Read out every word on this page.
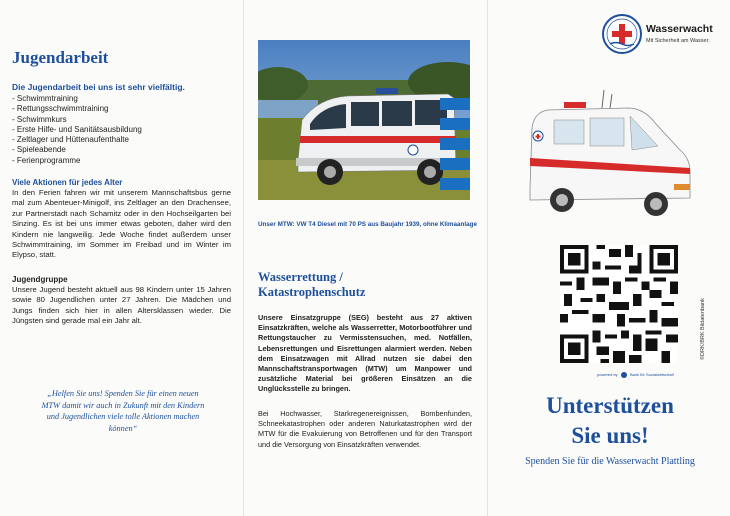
Jugendarbeit
Die Jugendarbeit bei uns ist sehr vielfältig.
- Schwimmtraining
- Rettungsschwimmtraining
- Schwimmkurs
- Erste Hilfe- und Sanitätsausbildung
- Zeltlager und Hüttenaufenthalte
- Spieleabende
- Ferienprogramme
Viele Aktionen für jedes Alter
In den Ferien fahren wir mit unserem Mannschaftsbus gerne mal zum Abenteuer-Minigolf, ins Zeltlager an den Drachensee, zur Partnerstadt nach Schamitz oder in den Hochseilgarten bei Sinzing. Es ist bei uns immer etwas geboten, daher wird den Kindern nie langweilig. Jede Woche findet außerdem unser Schwimmtraining, im Sommer im Freibad und im Winter im Elypso, statt.
Jugendgruppe
Unsere Jugend besteht aktuell aus 98 Kindern unter 15 Jahren sowie 80 Jugendlichen unter 27 Jahren. Die Mädchen und Jungs finden sich hier in allen Altersklassen wieder. Die Jüngsten sind gerade mal ein Jahr alt.
„Helfen Sie uns! Spenden Sie für einen neuen MTW damit wir auch in Zukunft mit den Kindern und Jugendlichen viele tolle Aktionen machen können“
Unser MTW: VW T4 Diesel mit 70 PS aus Baujahr 1939, ohne Klimaanlage
Wasserrettung /
Katastrophenschutz
Unsere Einsatzgruppe (SEG) besteht aus 27 aktiven Einsatzkräften, welche als Wasserretter, Motorbootführer und Rettungstaucher zu Vermisstensuchen, med. Notfällen, Lebensrettungen und Eisrettungen alarmiert werden. Neben dem Einsatzwagen mit Allrad nutzen sie dabei den Mannschaftstransportwagen (MTW) um Manpower und zusätzliche Material bei größeren Einsätzen an die Unglücksstelle zu bringen.
Bei Hochwasser, Starkregenereignissen, Bombenfunden, Schneekatastrophen oder anderen Naturkatastrophen wird der MTW für die Evakuierung von Betroffenen und für den Transport und die Versorgung von Einsatzkräften verwendet.
Wasserwacht
Mit Sicherheit am Wasser.
powered by	Bank für Sozialwirtschaft
©DRK/BRK Bildatenbank
Unterstützen
Sie uns!
Spenden Sie für die Wasserwacht Plattling
